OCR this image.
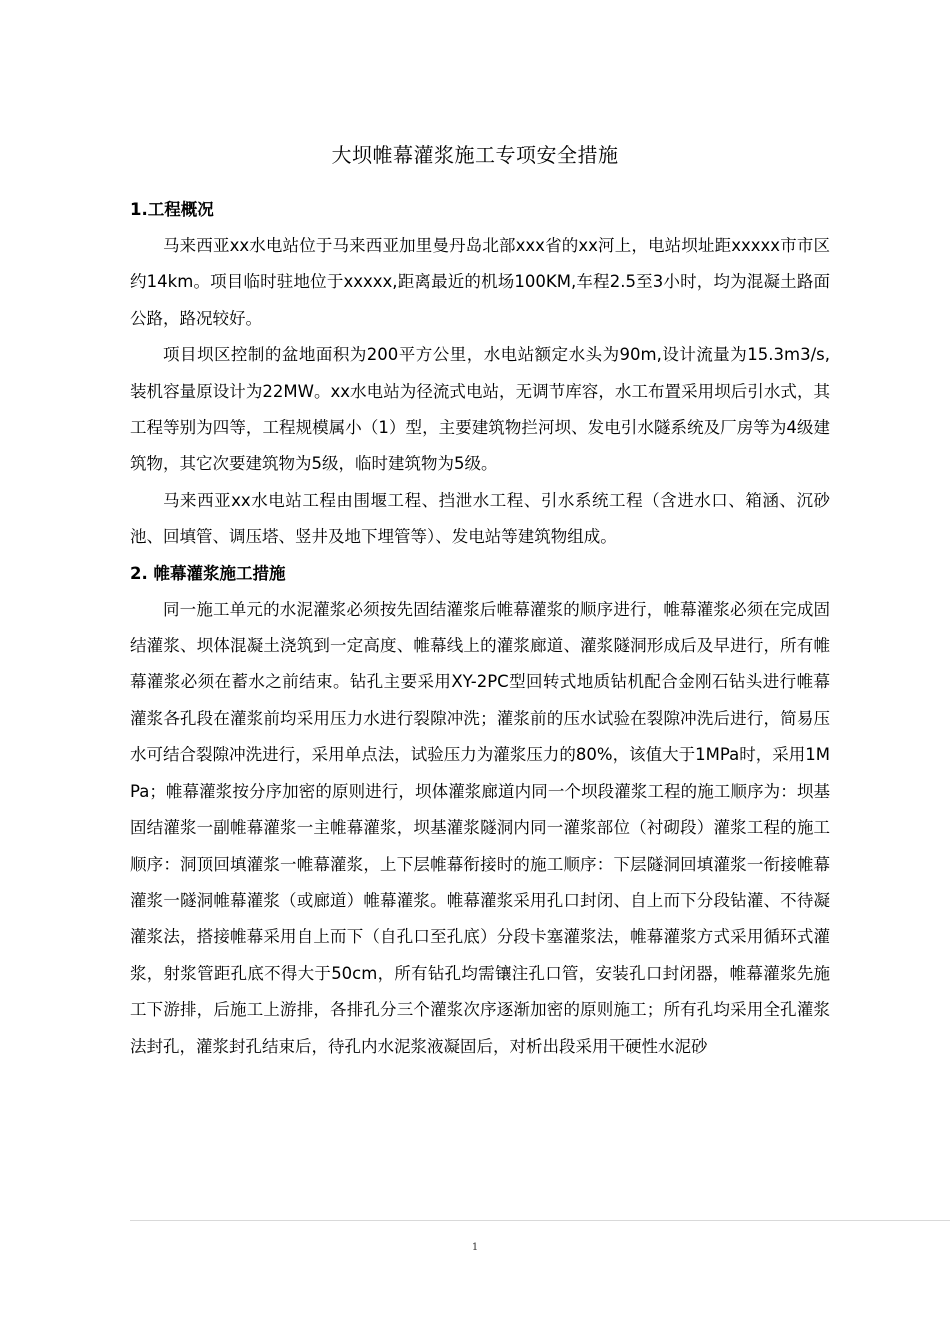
大坝帷幕灌浆施工专项安全措施
1.工程概况

马来西亚xx水电站位于马来西亚加里曼丹岛北部xxx省的xx河上，电站坝址距xxxxx市市区约14km。项目临时驻地位于xxxxx,距离最近的机场100KM,车程2.5至3小时，均为混凝土路面公路，路况较好。

项目坝区控制的盆地面积为200平方公里，水电站额定水头为90m,设计流量为15.3m3/s,装机容量原设计为22MW。xx水电站为径流式电站，无调节库容，水工布置采用坝后引水式，其工程等别为四等，工程规模属小（1）型，主要建筑物拦河坝、发电引水隧系统及厂房等为4级建筑物，其它次要建筑物为5级，临时建筑物为5级。

马来西亚xx水电站工程由围堰工程、挡泄水工程、引水系统工程（含进水口、箱涵、沉砂池、回填管、调压塔、竖井及地下埋管等）、发电站等建筑物组成。

2. 帷幕灌浆施工措施

同一施工单元的水泥灌浆必须按先固结灌浆后帷幕灌浆的顺序进行，帷幕灌浆必须在完成固结灌浆、坝体混凝土浇筑到一定高度、帷幕线上的灌浆廊道、灌浆隧洞形成后及早进行，所有帷幕灌浆必须在蓄水之前结束。钻孔主要采用XY-2PC型回转式地质钻机配合金刚石钻头进行帷幕灌浆各孔段在灌浆前均采用压力水进行裂隙冲洗；灌浆前的压水试验在裂隙冲洗后进行，简易压水可结合裂隙冲洗进行，采用单点法，试验压力为灌浆压力的80%，该值大于1MPa时，采用1MPa；帷幕灌浆按分序加密的原则进行，坝体灌浆廊道内同一个坝段灌浆工程的施工顺序为：坝基固结灌浆一副帷幕灌浆一主帷幕灌浆，坝基灌浆隧洞内同一灌浆部位（衬砌段）灌浆工程的施工顺序：洞顶回填灌浆一帷幕灌浆，上下层帷幕衔接时的施工顺序：下层隧洞回填灌浆一衔接帷幕灌浆一隧洞帷幕灌浆（或廊道）帷幕灌浆。帷幕灌浆采用孔口封闭、自上而下分段钻灌、不待凝灌浆法，搭接帷幕采用自上而下（自孔口至孔底）分段卡塞灌浆法，帷幕灌浆方式采用循环式灌浆，射浆管距孔底不得大于50cm，所有钻孔均需镶注孔口管，安装孔口封闭器，帷幕灌浆先施工下游排，后施工上游排，各排孔分三个灌浆次序逐渐加密的原则施工；所有孔均采用全孔灌浆法封孔，灌浆封孔结束后，待孔内水泥浆液凝固后，对析出段采用干硬性水泥砂

1
